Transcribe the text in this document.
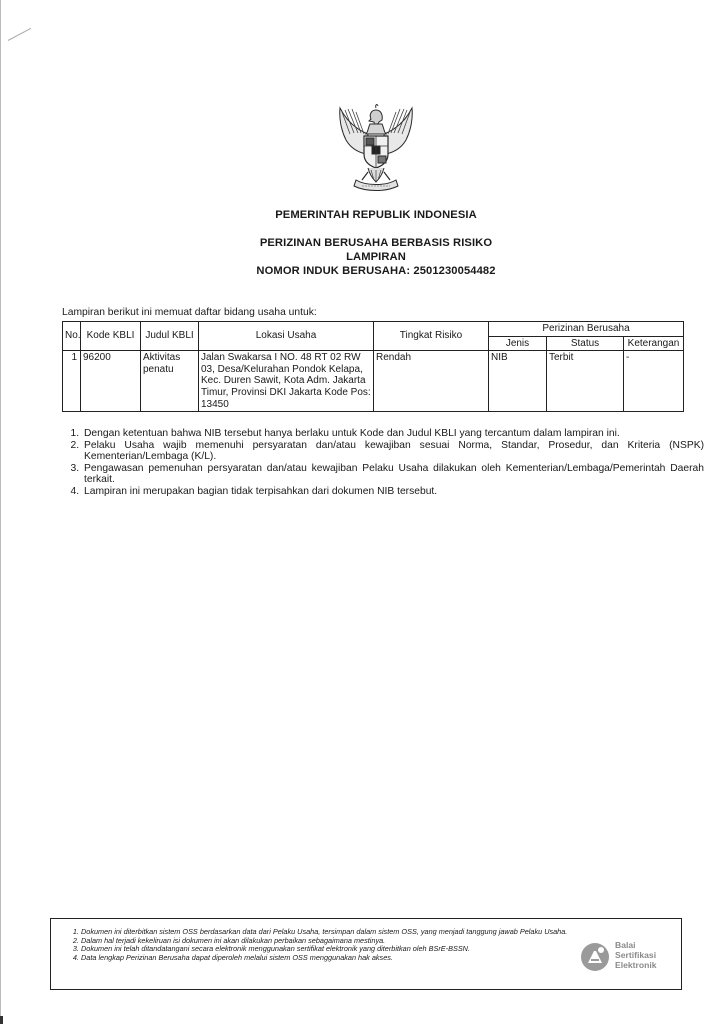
PEMERINTAH REPUBLIK INDONESIA
PERIZINAN BERUSAHA BERBASIS RISIKO
LAMPIRAN
NOMOR INDUK BERUSAHA: 2501230054482
Lampiran berikut ini memuat daftar bidang usaha untuk:
No.	Kode KBLI	Judul KBLI	Lokasi Usaha	Tingkat Risiko	Perizinan Berusaha		
					Jenis	Status	Keterangan
1	96200	Aktivitas penatu	Jalan Swakarsa I NO. 48 RT 02 RW 03, Desa/Kelurahan Pondok Kelapa, Kec. Duren Sawit, Kota Adm. Jakarta Timur, Provinsi DKI Jakarta Kode Pos: 13450	Rendah	NIB	Terbit	-
1. Dengan ketentuan bahwa NIB tersebut hanya berlaku untuk Kode dan Judul KBLI yang tercantum dalam lampiran ini.
2. Pelaku Usaha wajib memenuhi persyaratan dan/atau kewajiban sesuai Norma, Standar, Prosedur, dan Kriteria (NSPK) Kementerian/Lembaga (K/L).
3. Pengawasan pemenuhan persyaratan dan/atau kewajiban Pelaku Usaha dilakukan oleh Kementerian/Lembaga/Pemerintah Daerah terkait.
4. Lampiran ini merupakan bagian tidak terpisahkan dari dokumen NIB tersebut.
1. Dokumen ini diterbitkan sistem OSS berdasarkan data dari Pelaku Usaha, tersimpan dalam sistem OSS, yang menjadi tanggung jawab Pelaku Usaha.
2. Dalam hal terjadi kekeliruan isi dokumen ini akan dilakukan perbaikan sebagaimana mestinya.
3. Dokumen ini telah ditandatangani secara elektronik menggunakan sertifikat elektronik yang diterbitkan oleh BSrE-BSSN.
4. Data lengkap Perizinan Berusaha dapat diperoleh melalui sistem OSS menggunakan hak akses.
Balai
Sertifikasi
Elektronik
